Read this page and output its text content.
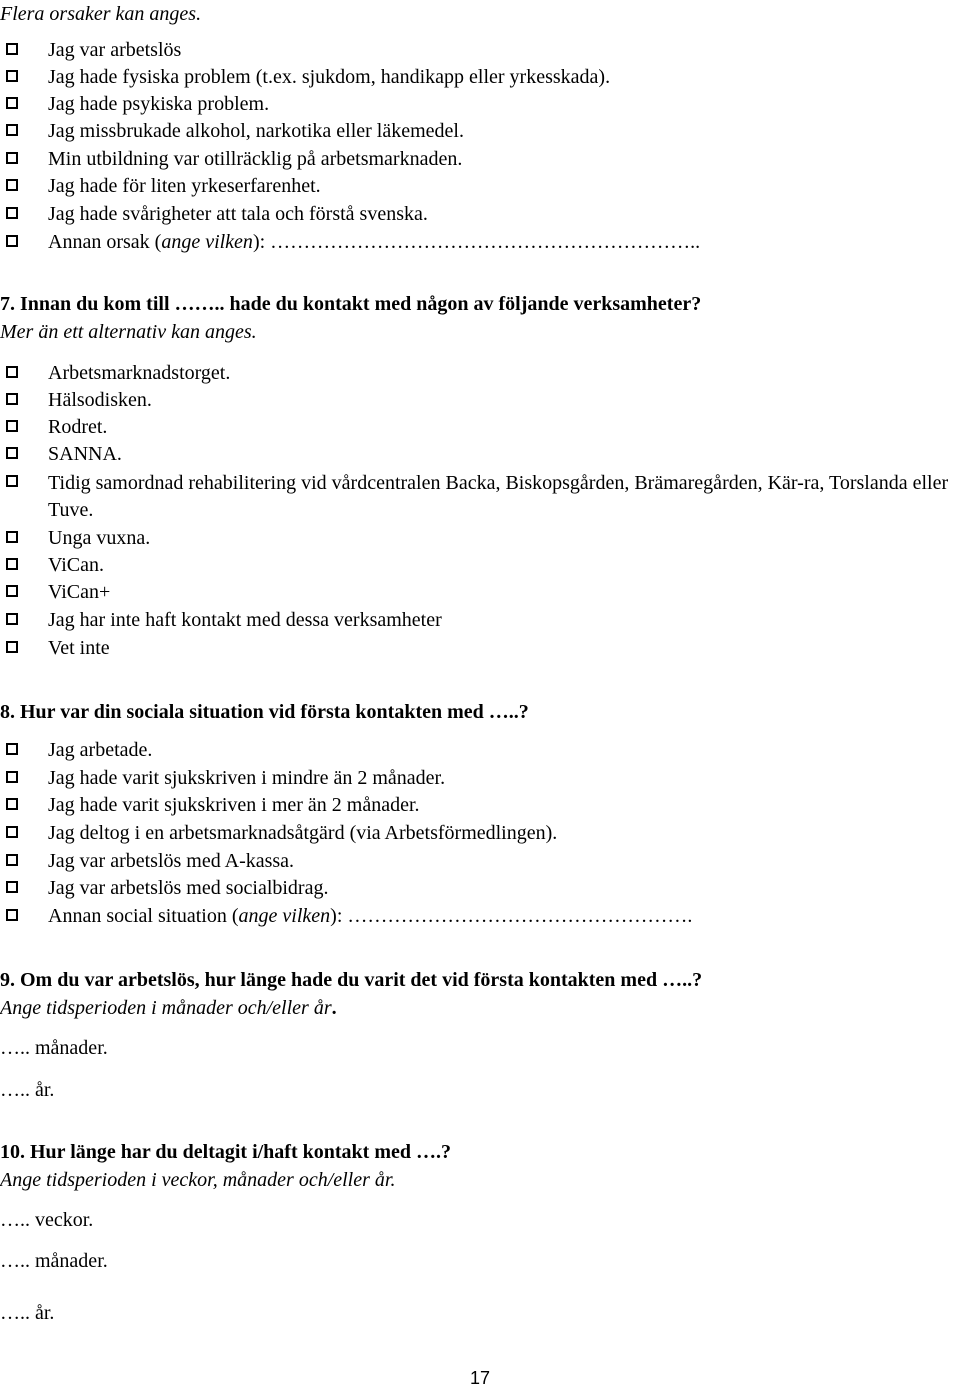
Flera orsaker kan anges.
Jag var arbetslös
Jag hade fysiska problem (t.ex. sjukdom, handikapp eller yrkesskada).
Jag hade psykiska problem.
Jag missbrukade alkohol, narkotika eller läkemedel.
Min utbildning var otillräcklig på arbetsmarknaden.
Jag hade för liten yrkeserfarenhet.
Jag hade svårigheter att tala och förstå svenska.
Annan orsak (ange vilken): ………………………………………………………..
7. Innan du kom till …….. hade du kontakt med någon av följande verksamheter?
Mer än ett alternativ kan anges.
Arbetsmarknadstorget.
Hälsodisken.
Rodret.
SANNA.
Tidig samordnad rehabilitering vid vårdcentralen Backa, Biskopsgården, Brämaregården, Kär-ra, Torslanda eller Tuve.
Unga vuxna.
ViCan.
ViCan+
Jag har inte haft kontakt med dessa verksamheter
Vet inte
8. Hur var din sociala situation vid första kontakten med …..?
Jag arbetade.
Jag hade varit sjukskriven i mindre än 2 månader.
Jag hade varit sjukskriven i mer än 2 månader.
Jag deltog i en arbetsmarknadsåtgärd (via Arbetsförmedlingen).
Jag var arbetslös med A-kassa.
Jag var arbetslös med socialbidrag.
Annan social situation (ange vilken): …………………………………………….
9. Om du var arbetslös, hur länge hade du varit det vid första kontakten med …..?
Ange tidsperioden i månader och/eller år.
….. månader.
….. år.
10. Hur länge har du deltagit i/haft kontakt med ….?
Ange tidsperioden i veckor, månader och/eller år.
….. veckor.
….. månader.
….. år.
17
